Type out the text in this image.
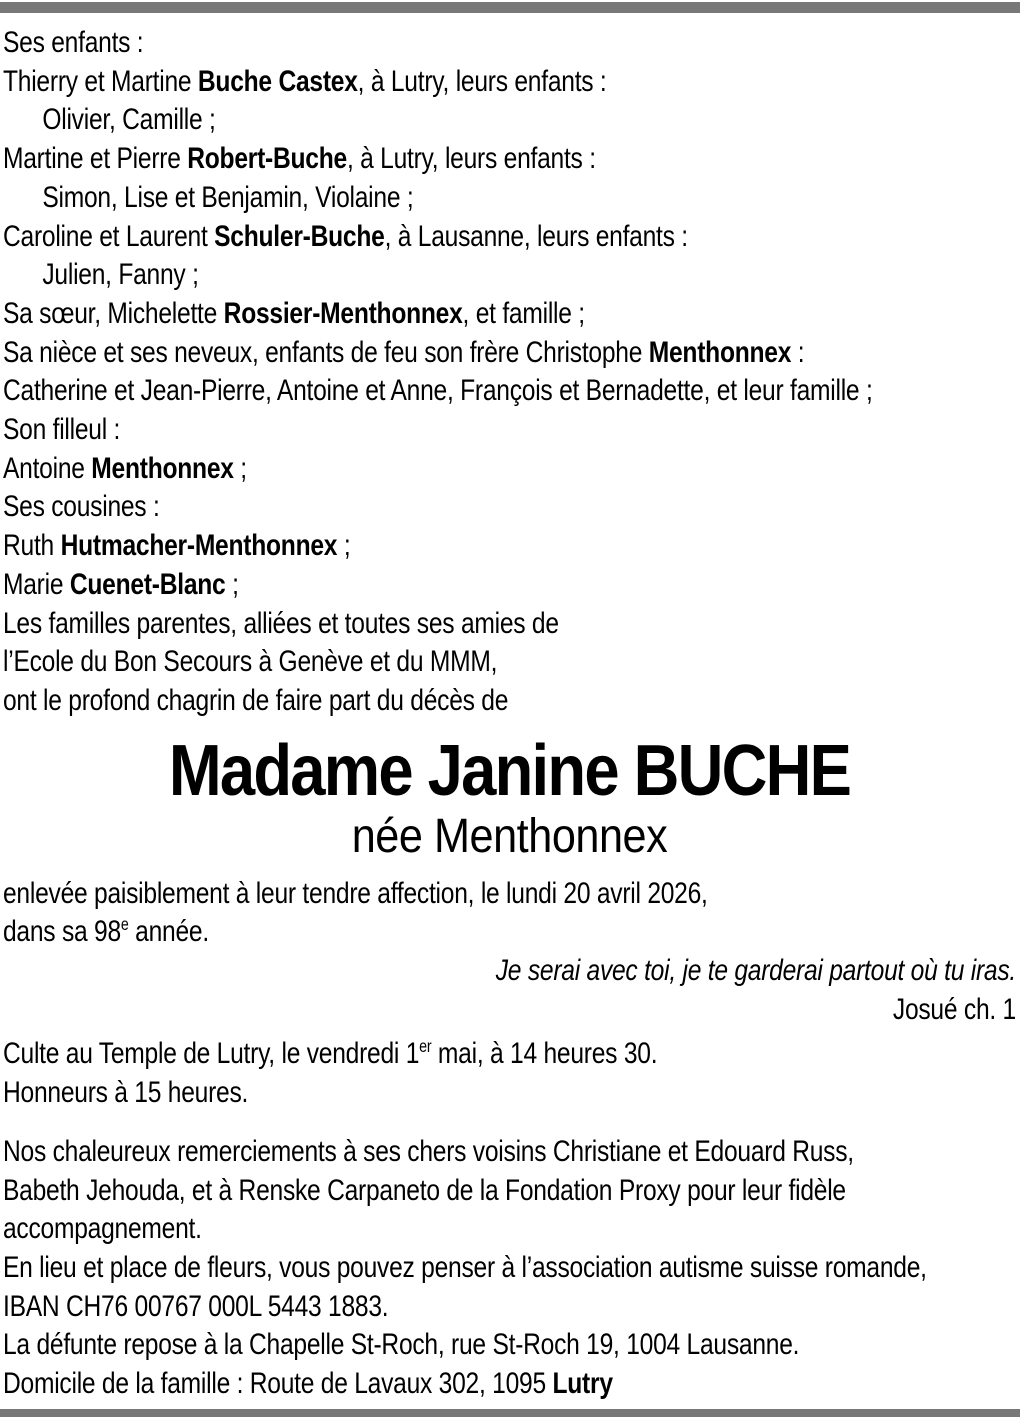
Ses enfants :
Thierry et Martine Buche Castex, à Lutry, leurs enfants :
Olivier, Camille ;
Martine et Pierre Robert-Buche, à Lutry, leurs enfants :
Simon, Lise et Benjamin, Violaine ;
Caroline et Laurent Schuler-Buche, à Lausanne, leurs enfants :
Julien, Fanny ;
Sa sœur, Michelette Rossier-Menthonnex, et famille ;
Sa nièce et ses neveux, enfants de feu son frère Christophe Menthonnex :
Catherine et Jean-Pierre, Antoine et Anne, François et Bernadette, et leur famille ;
Son filleul :
Antoine Menthonnex ;
Ses cousines :
Ruth Hutmacher-Menthonnex ;
Marie Cuenet-Blanc ;
Les familles parentes, alliées et toutes ses amies de
l’Ecole du Bon Secours à Genève et du MMM,
ont le profond chagrin de faire part du décès de
Madame Janine BUCHE
née Menthonnex
enlevée paisiblement à leur tendre affection, le lundi 20 avril 2026,
dans sa 98e année.
Je serai avec toi, je te garderai partout où tu iras.
Josué ch. 1
Culte au Temple de Lutry, le vendredi 1er mai, à 14 heures 30.
Honneurs à 15 heures.
Nos chaleureux remerciements à ses chers voisins Christiane et Edouard Russ,
Babeth Jehouda, et à Renske Carpaneto de la Fondation Proxy pour leur fidèle
accompagnement.
En lieu et place de fleurs, vous pouvez penser à l’association autisme suisse romande,
IBAN CH76 00767 000L 5443 1883.
La défunte repose à la Chapelle St-Roch, rue St-Roch 19, 1004 Lausanne.
Domicile de la famille : Route de Lavaux 302, 1095 Lutry
